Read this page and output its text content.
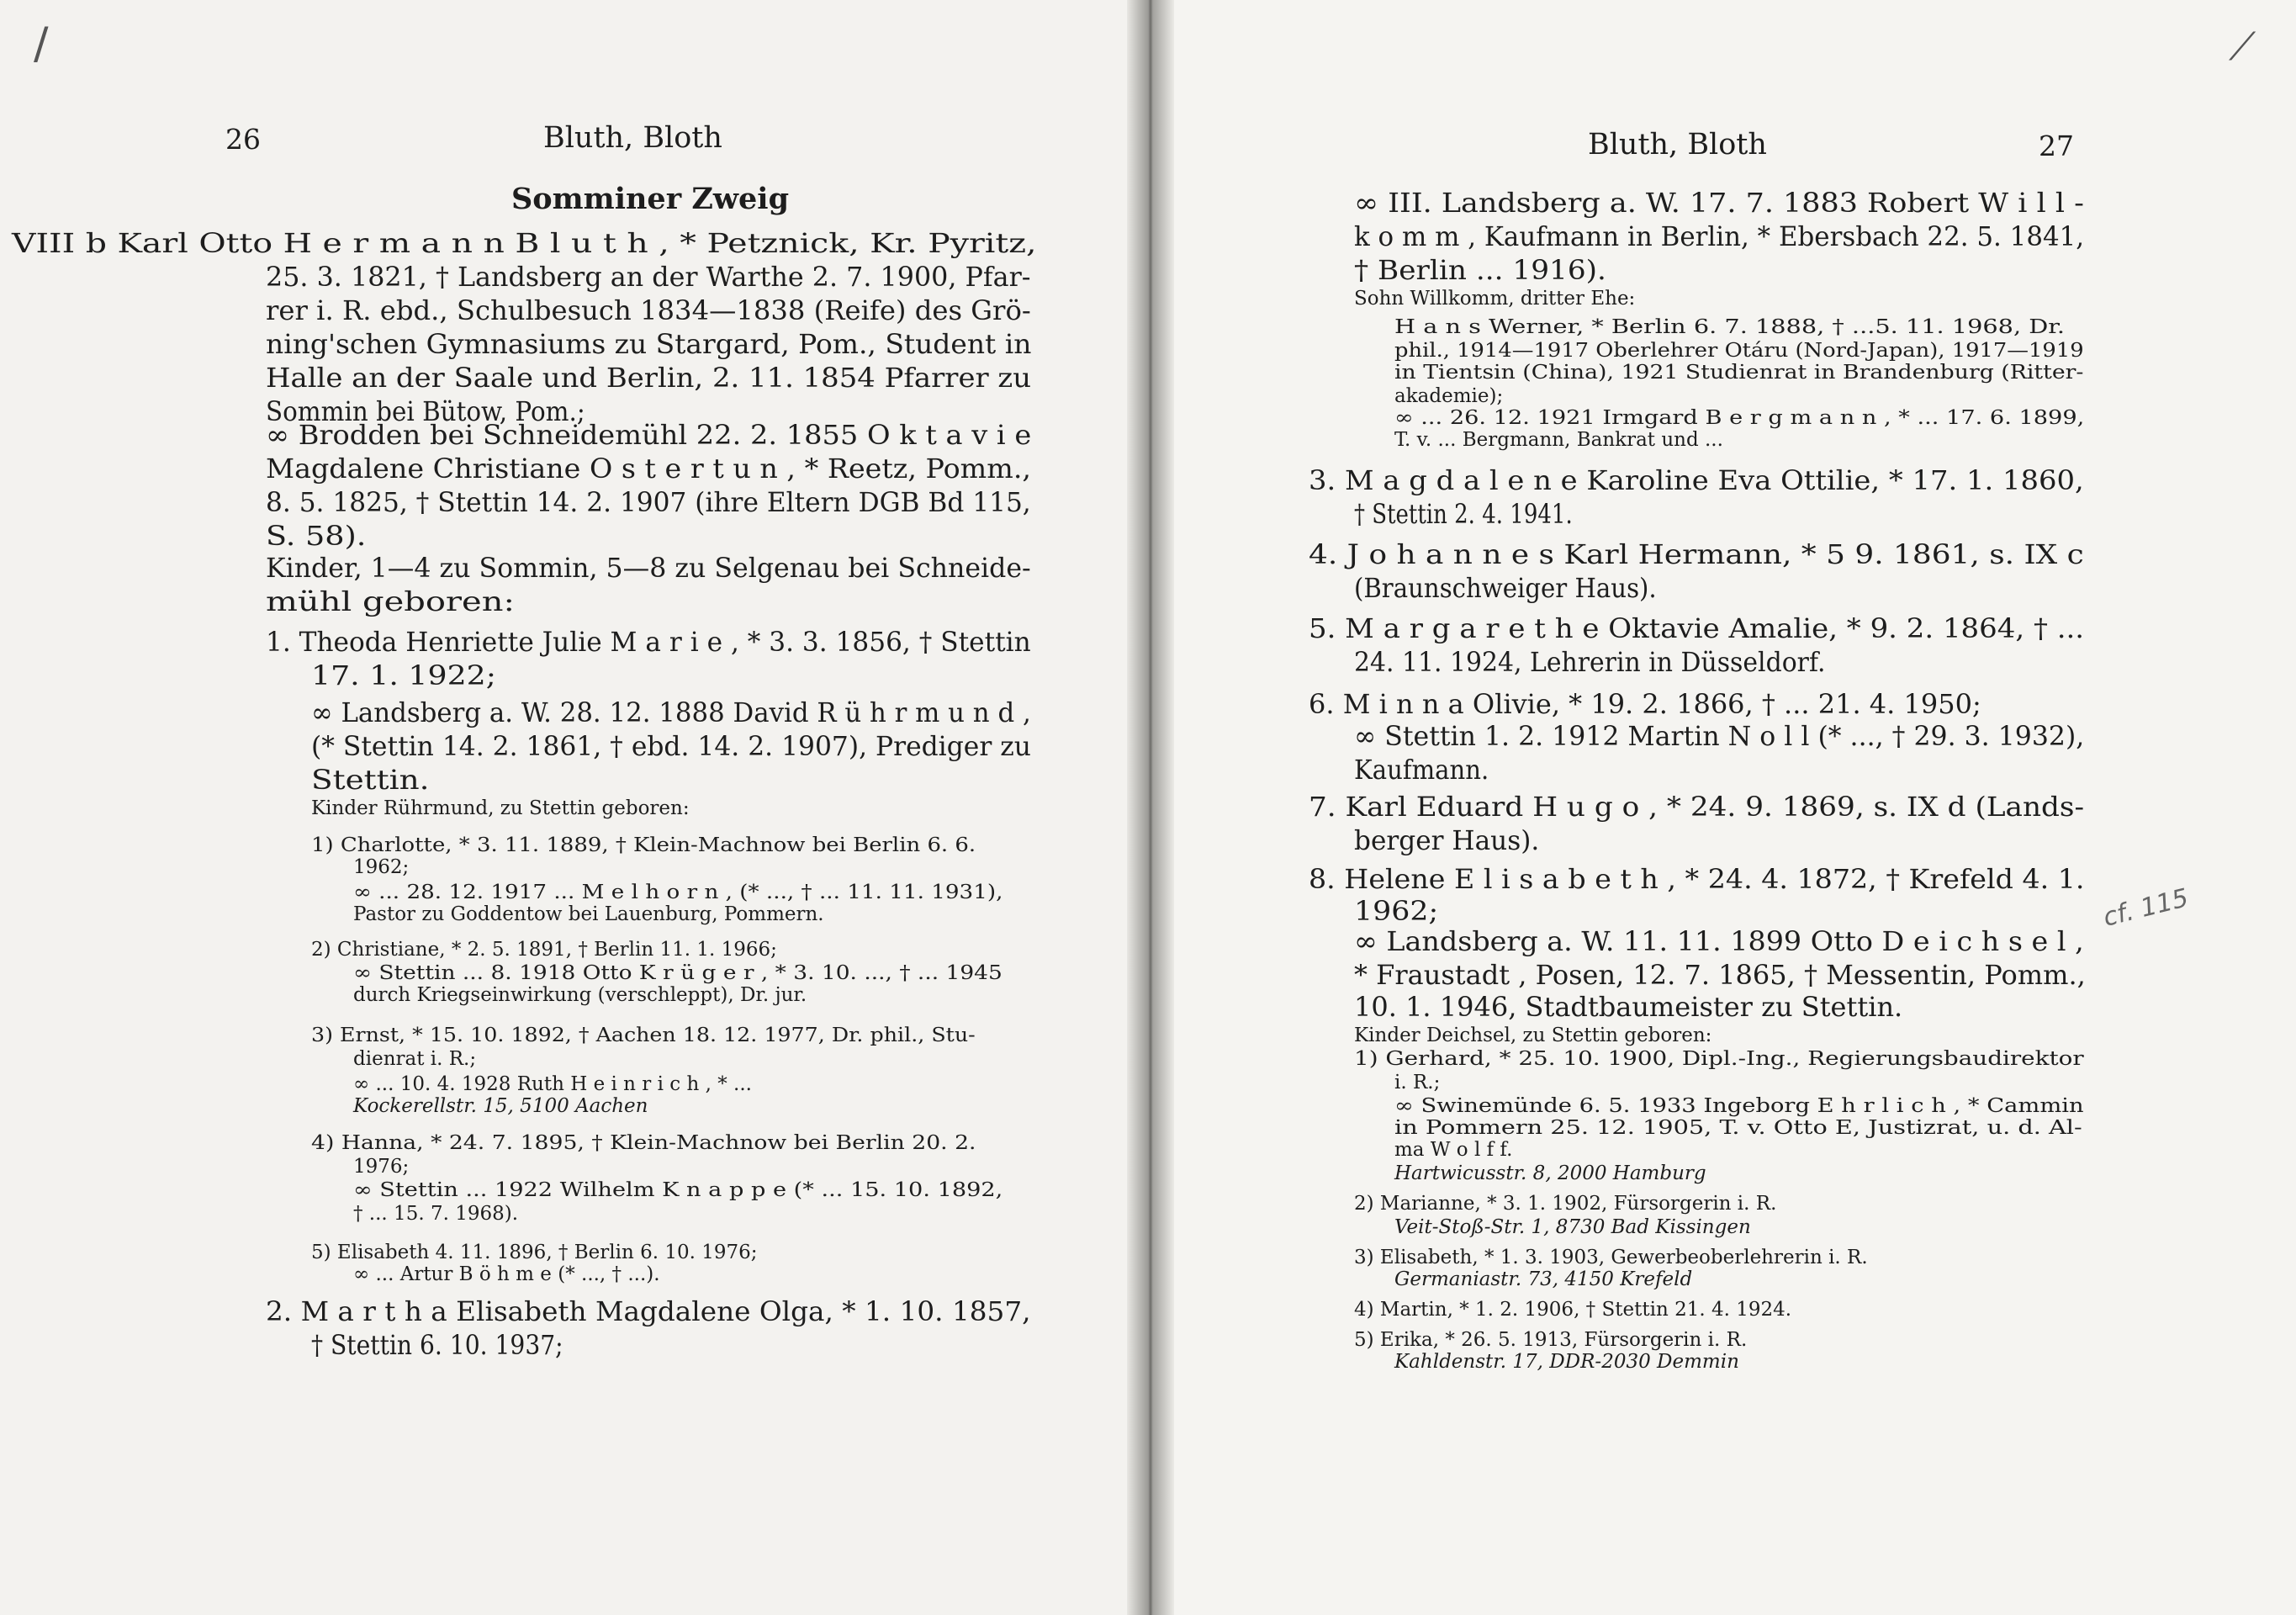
/
26	Bluth, Bloth
Somminer Zweig
VIII b Karl Otto H e r m a n n B l u t h , * Petznick, Kr. Pyritz,
25. 3. 1821, † Landsberg an der Warthe 2. 7. 1900, Pfar-
rer i. R. ebd., Schulbesuch 1834—1838 (Reife) des Grö-
ning'schen Gymnasiums zu Stargard, Pom., Student in
Halle an der Saale und Berlin, 2. 11. 1854 Pfarrer zu
Sommin bei Bütow, Pom.;
∞ Brodden bei Schneidemühl 22. 2. 1855 O k t a v i e
Magdalene Christiane O s t e r t u n , * Reetz, Pomm.,
8. 5. 1825, † Stettin 14. 2. 1907 (ihre Eltern DGB Bd 115,
S. 58).
Kinder, 1—4 zu Sommin, 5—8 zu Selgenau bei Schneide-
mühl geboren:
1. Theoda Henriette Julie M a r i e , * 3. 3. 1856, † Stettin
17. 1. 1922;
∞ Landsberg a. W. 28. 12. 1888 David R ü h r m u n d ,
(* Stettin 14. 2. 1861, † ebd. 14. 2. 1907), Prediger zu
Stettin.
Kinder Rührmund, zu Stettin geboren:
1) Charlotte, * 3. 11. 1889, † Klein-Machnow bei Berlin 6. 6.
1962;
∞ ... 28. 12. 1917 ... M e l h o r n , (* ..., † ... 11. 11. 1931),
Pastor zu Goddentow bei Lauenburg, Pommern.
2) Christiane, * 2. 5. 1891, † Berlin 11. 1. 1966;
∞ Stettin ... 8. 1918 Otto K r ü g e r , * 3. 10. ..., † ... 1945
durch Kriegseinwirkung (verschleppt), Dr. jur.
3) Ernst, * 15. 10. 1892, † Aachen 18. 12. 1977, Dr. phil., Stu-
dienrat i. R.;
∞ ... 10. 4. 1928 Ruth H e i n r i c h , * ...
Kockerellstr. 15, 5100 Aachen
4) Hanna, * 24. 7. 1895, † Klein-Machnow bei Berlin 20. 2.
1976;
∞ Stettin ... 1922 Wilhelm K n a p p e (* ... 15. 10. 1892,
† ... 15. 7. 1968).
5) Elisabeth 4. 11. 1896, † Berlin 6. 10. 1976;
∞ ... Artur B ö h m e (* ..., † ...).
2. M a r t h a Elisabeth Magdalene Olga, * 1. 10. 1857,
† Stettin 6. 10. 1937;
⟋
Bluth, Bloth	27
cf. 115
∞ III. Landsberg a. W. 17. 7. 1883 Robert W i l l -
k o m m , Kaufmann in Berlin, * Ebersbach 22. 5. 1841,
† Berlin ... 1916).
Sohn Willkomm, dritter Ehe:
H a n s Werner, * Berlin 6. 7. 1888, † ...5. 11. 1968, Dr.
phil., 1914—1917 Oberlehrer Otáru (Nord-Japan), 1917—1919
in Tientsin (China), 1921 Studienrat in Brandenburg (Ritter-
akademie);
∞ ... 26. 12. 1921 Irmgard B e r g m a n n , * ... 17. 6. 1899,
T. v. ... Bergmann, Bankrat und ...
3. M a g d a l e n e Karoline Eva Ottilie, * 17. 1. 1860,
† Stettin 2. 4. 1941.
4. J o h a n n e s Karl Hermann, * 5 9. 1861, s. IX c
(Braunschweiger Haus).
5. M a r g a r e t h e Oktavie Amalie, * 9. 2. 1864, † ...
24. 11. 1924, Lehrerin in Düsseldorf.
6. M i n n a Olivie, * 19. 2. 1866, † ... 21. 4. 1950;
∞ Stettin 1. 2. 1912 Martin N o l l (* ..., † 29. 3. 1932),
Kaufmann.
7. Karl Eduard H u g o , * 24. 9. 1869, s. IX d (Lands-
berger Haus).
8. Helene E l i s a b e t h , * 24. 4. 1872, † Krefeld 4. 1.
1962;
∞ Landsberg a. W. 11. 11. 1899 Otto D e i c h s e l ,
* Fraustadt , Posen, 12. 7. 1865, † Messentin, Pomm.,
10. 1. 1946, Stadtbaumeister zu Stettin.
Kinder Deichsel, zu Stettin geboren:
1) Gerhard, * 25. 10. 1900, Dipl.-Ing., Regierungsbaudirektor
i. R.;
∞ Swinemünde 6. 5. 1933 Ingeborg E h r l i c h , * Cammin
in Pommern 25. 12. 1905, T. v. Otto E, Justizrat, u. d. Al-
ma W o l f f.
Hartwicusstr. 8, 2000 Hamburg
2) Marianne, * 3. 1. 1902, Fürsorgerin i. R.
Veit-Stoß-Str. 1, 8730 Bad Kissingen
3) Elisabeth, * 1. 3. 1903, Gewerbeoberlehrerin i. R.
Germaniastr. 73, 4150 Krefeld
4) Martin, * 1. 2. 1906, † Stettin 21. 4. 1924.
5) Erika, * 26. 5. 1913, Fürsorgerin i. R.
Kahldenstr. 17, DDR-2030 Demmin
